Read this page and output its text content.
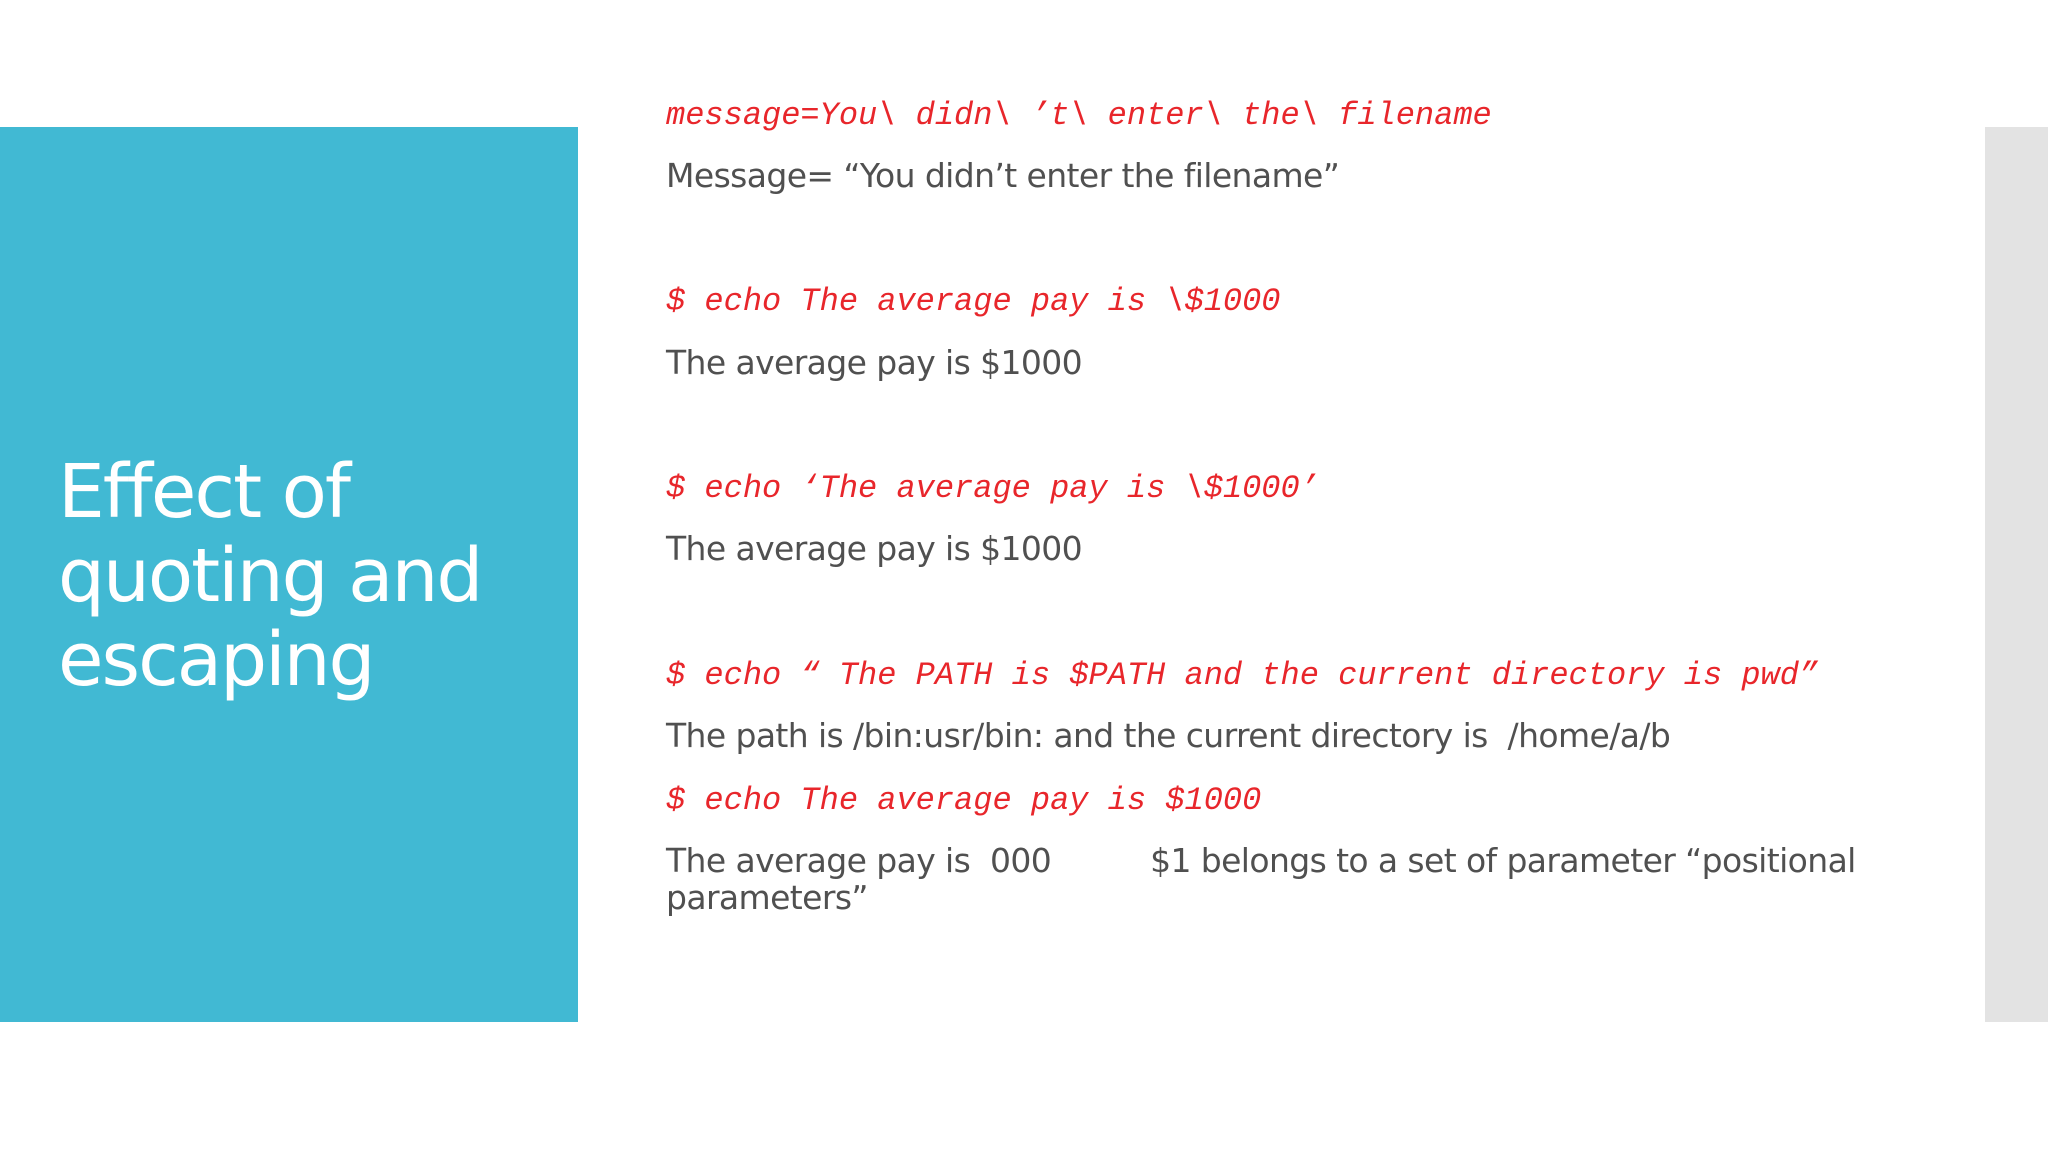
Effect of quoting and escaping
message=You\ didn\ ’t\ enter\ the\ filename
Message= “You didn’t enter the filename”
$ echo The average pay is \$1000
The average pay is $1000
$ echo ‘The average pay is \$1000’
The average pay is $1000
$ echo “ The PATH is $PATH and the current directory is pwd”
The path is /bin:usr/bin: and the current directory is  /home/a/b
$ echo The average pay is $1000
The average pay is  000          $1 belongs to a set of parameter “positional parameters”
